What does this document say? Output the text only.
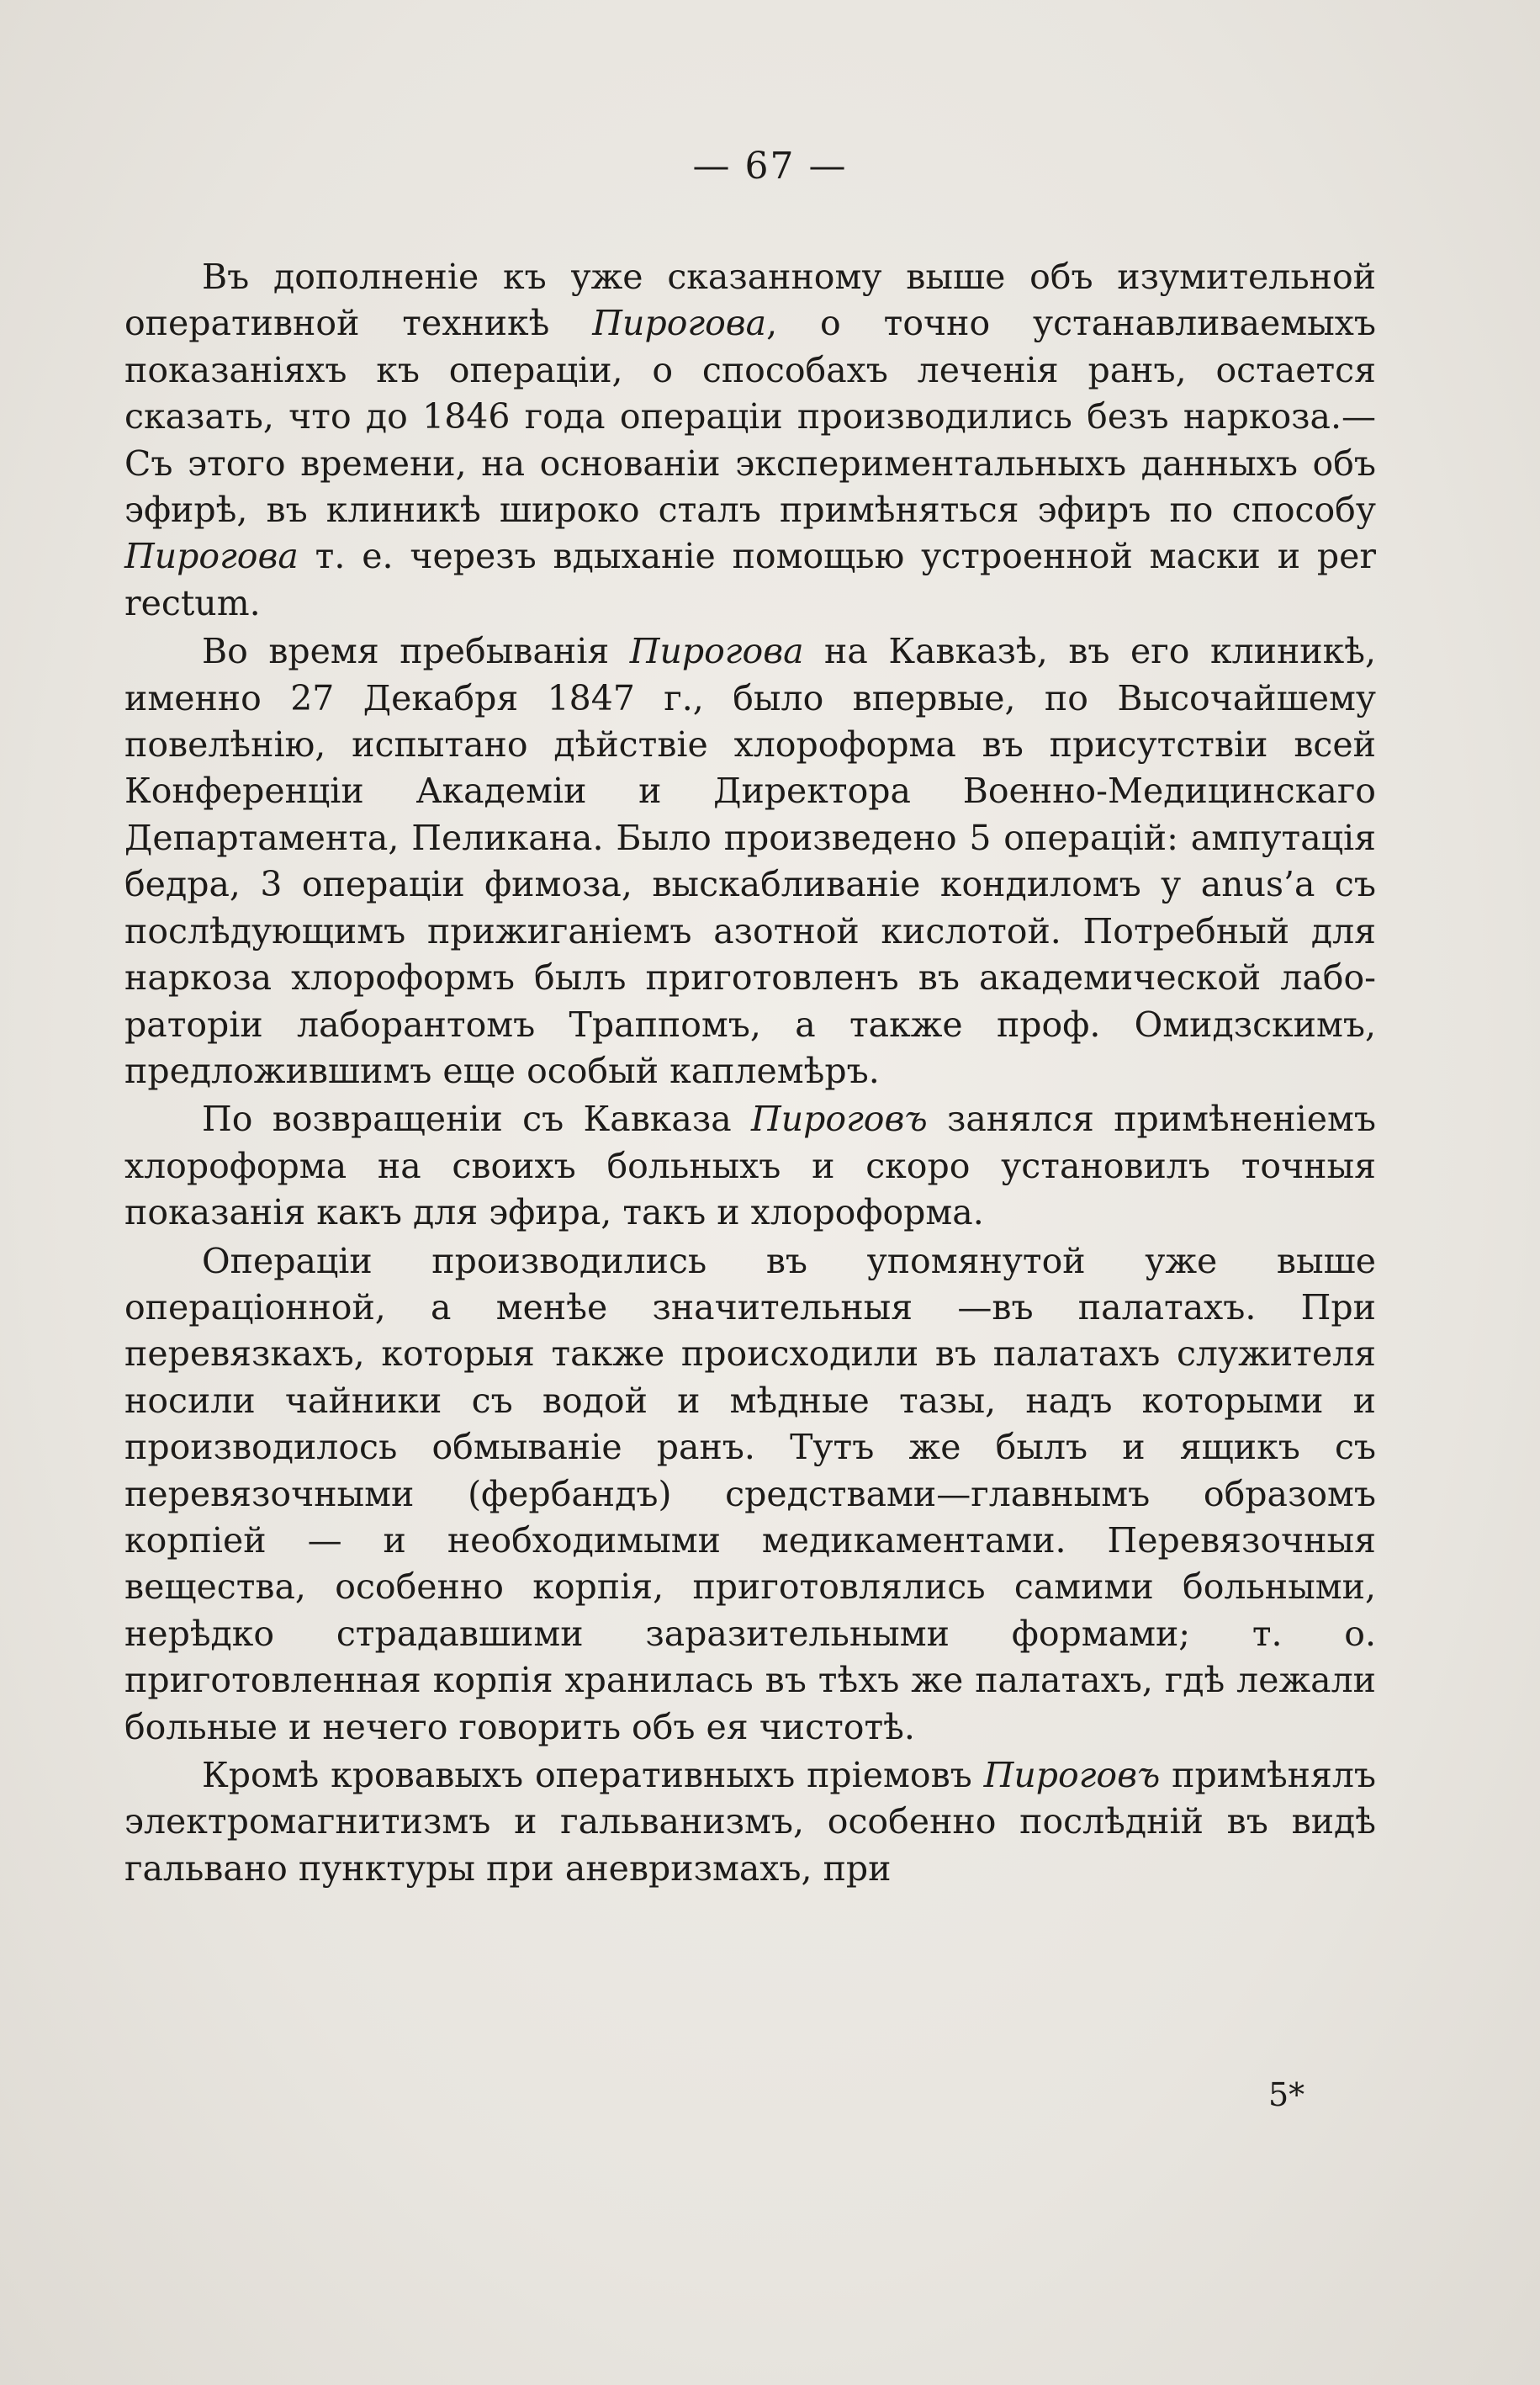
— 67 —

Въ дополненіе къ уже сказанному выше объ изумительной оперативной техникѣ Пирогова, о точно устанавливаемыхъ показаніяхъ къ операціи, о способахъ леченія ранъ, остается сказать, что до 1846 года операціи производились безъ наркоза.— Съ этого времени, на основаніи экспериментальныхъ данныхъ объ эфирѣ, въ клиникѣ широко сталъ примѣняться эфиръ по способу Пирогова т. е. черезъ вдыханіе помощью устроенной маски и per rectum.

Во время пребыванія Пирогова на Кавказѣ, въ его клиникѣ, именно 27 Декабря 1847 г., было впервые, по Высочайшему повелѣнію, испытано дѣйствіе хлороформа въ присутствіи всей Конференціи Академіи и Директора Военно-Медицинскаго Департамента, Пеликана. Было произведено 5 операцій: ампутація бедра, 3 операціи фимоза, выскабливаніе кондиломъ у anus’а съ послѣдующимъ прижиганіемъ азотной кислотой. Потребный для наркоза хлороформъ былъ приготовленъ въ академической лабораторіи лаборантомъ Траппомъ, а также проф. Омидзскимъ, предложившимъ еще особый каплемѣръ.

По возвращеніи съ Кавказа Пироговъ занялся примѣненіемъ хлороформа на своихъ больныхъ и скоро установилъ точныя показанія какъ для эфира, такъ и хлороформа.

Операціи производились въ упомянутой уже выше операціонной, а менѣе значительныя —въ палатахъ. При перевязкахъ, которыя также происходили въ палатахъ служителя носили чайники съ водой и мѣдные тазы, надъ которыми и производилось обмываніе ранъ. Тутъ же былъ и ящикъ съ перевязочными (фербандъ) средствами—главнымъ образомъ корпіей — и необходимыми медикаментами. Перевязочныя вещества, особенно корпія, приготовлялись самими больными, нерѣдко страдавшими заразительными формами; т. о. приготовленная корпія хранилась въ тѣхъ же палатахъ, гдѣ лежали больные и нечего говорить объ ея чистотѣ.

Кромѣ кровавыхъ оперативныхъ пріемовъ Пироговъ примѣнялъ электромагнитизмъ и гальванизмъ, особенно послѣдній въ видѣ гальвано пунктуры при аневризмахъ, при

5*
